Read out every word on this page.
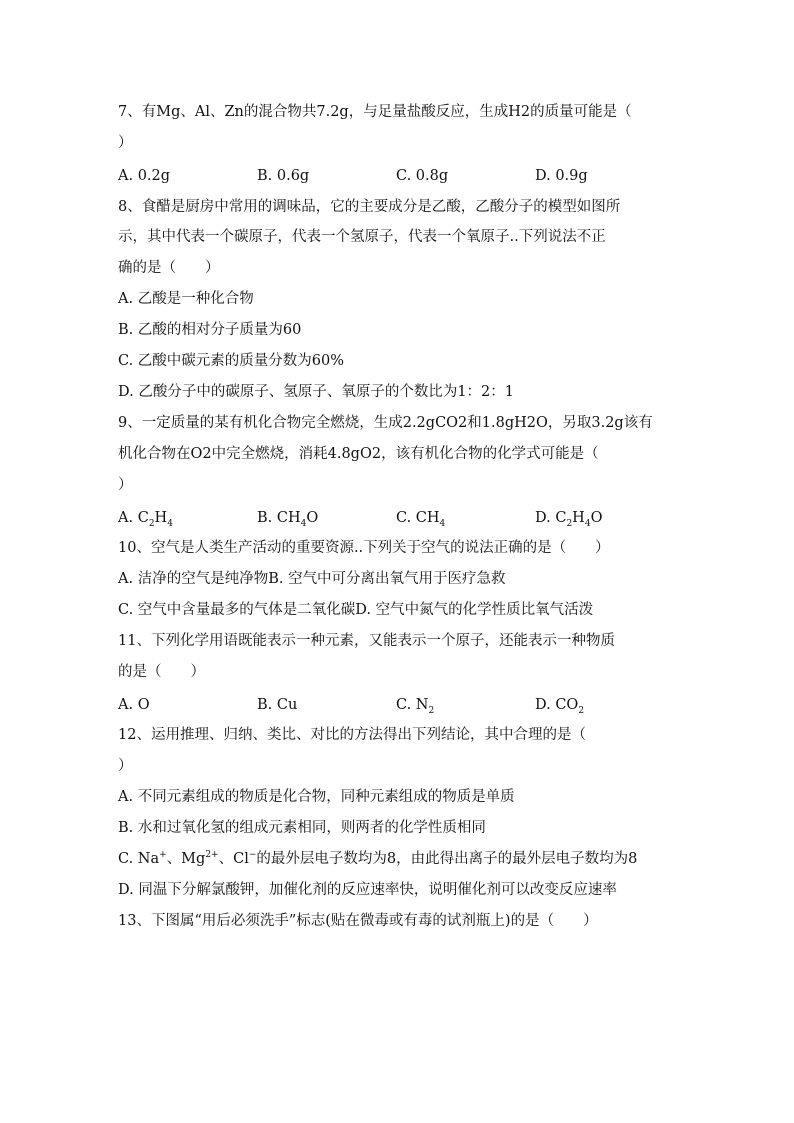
7、有Mg、Al、Zn的混合物共7.2g，与足量盐酸反应，生成H2的质量可能是（
）
A. 0.2g	B. 0.6g	C. 0.8g	D. 0.9g
8、食醋是厨房中常用的调味品，它的主要成分是乙酸，乙酸分子的模型如图所
示，其中代表一个碳原子，代表一个氢原子，代表一个氧原子..下列说法不正
确的是（　　）
A. 乙酸是一种化合物
B. 乙酸的相对分子质量为60
C. 乙酸中碳元素的质量分数为60%
D. 乙酸分子中的碳原子、氢原子、氧原子的个数比为1：2：1
9、一定质量的某有机化合物完全燃烧，生成2.2gCO2和1.8gH2O，另取3.2g该有
机化合物在O2中完全燃烧，消耗4.8gO2，该有机化合物的化学式可能是（
）
A. $C_2H_4$	B. $CH_4O$	C. $CH_4$	D. $C_2H_4O$
10、空气是人类生产活动的重要资源..下列关于空气的说法正确的是（　　）
A. 洁净的空气是纯净物B. 空气中可分离出氧气用于医疗急救
C. 空气中含量最多的气体是二氧化碳D. 空气中氮气的化学性质比氧气活泼
11、下列化学用语既能表示一种元素，又能表示一个原子，还能表示一种物质
的是（　　）
A. O	B. Cu	C. $N_2$	D. $CO_2$
12、运用推理、归纳、类比、对比的方法得出下列结论，其中合理的是（
）
A. 不同元素组成的物质是化合物，同种元素组成的物质是单质
B. 水和过氧化氢的组成元素相同，则两者的化学性质相同
C. Na+、$Mg^{2+}$、Cl−的最外层电子数均为8，由此得出离子的最外层电子数均为8
D. 同温下分解氯酸钾，加催化剂的反应速率快，说明催化剂可以改变反应速率
13、下图属“用后必须洗手”标志(贴在微毒或有毒的试剂瓶上)的是（　　）
